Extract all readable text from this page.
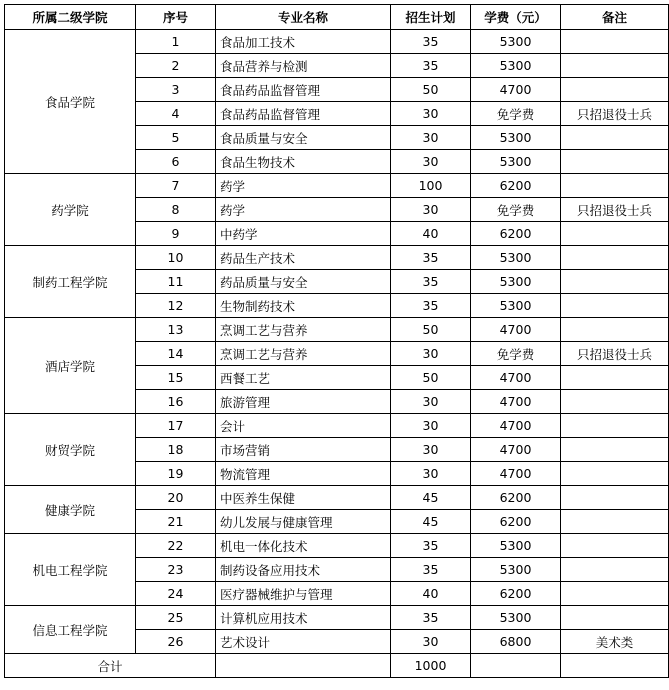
所属二级学院	序号	专业名称	招生计划	学费（元）	备注
食品学院	1	食品加工技术	35	5300	
	2	食品营养与检测	35	5300	
	3	食品药品监督管理	50	4700	
	4	食品药品监督管理	30	免学费	只招退役士兵
	5	食品质量与安全	30	5300	
	6	食品生物技术	30	5300	
药学院	7	药学	100	6200	
	8	药学	30	免学费	只招退役士兵
	9	中药学	40	6200	
制药工程学院	10	药品生产技术	35	5300	
	11	药品质量与安全	35	5300	
	12	生物制药技术	35	5300	
酒店学院	13	烹调工艺与营养	50	4700	
	14	烹调工艺与营养	30	免学费	只招退役士兵
	15	西餐工艺	50	4700	
	16	旅游管理	30	4700	
财贸学院	17	会计	30	4700	
	18	市场营销	30	4700	
	19	物流管理	30	4700	
健康学院	20	中医养生保健	45	6200	
	21	幼儿发展与健康管理	45	6200	
机电工程学院	22	机电一体化技术	35	5300	
	23	制药设备应用技术	35	5300	
	24	医疗器械维护与管理	40	6200	
信息工程学院	25	计算机应用技术	35	5300	
	26	艺术设计	30	6800	美术类
合计			1000		
